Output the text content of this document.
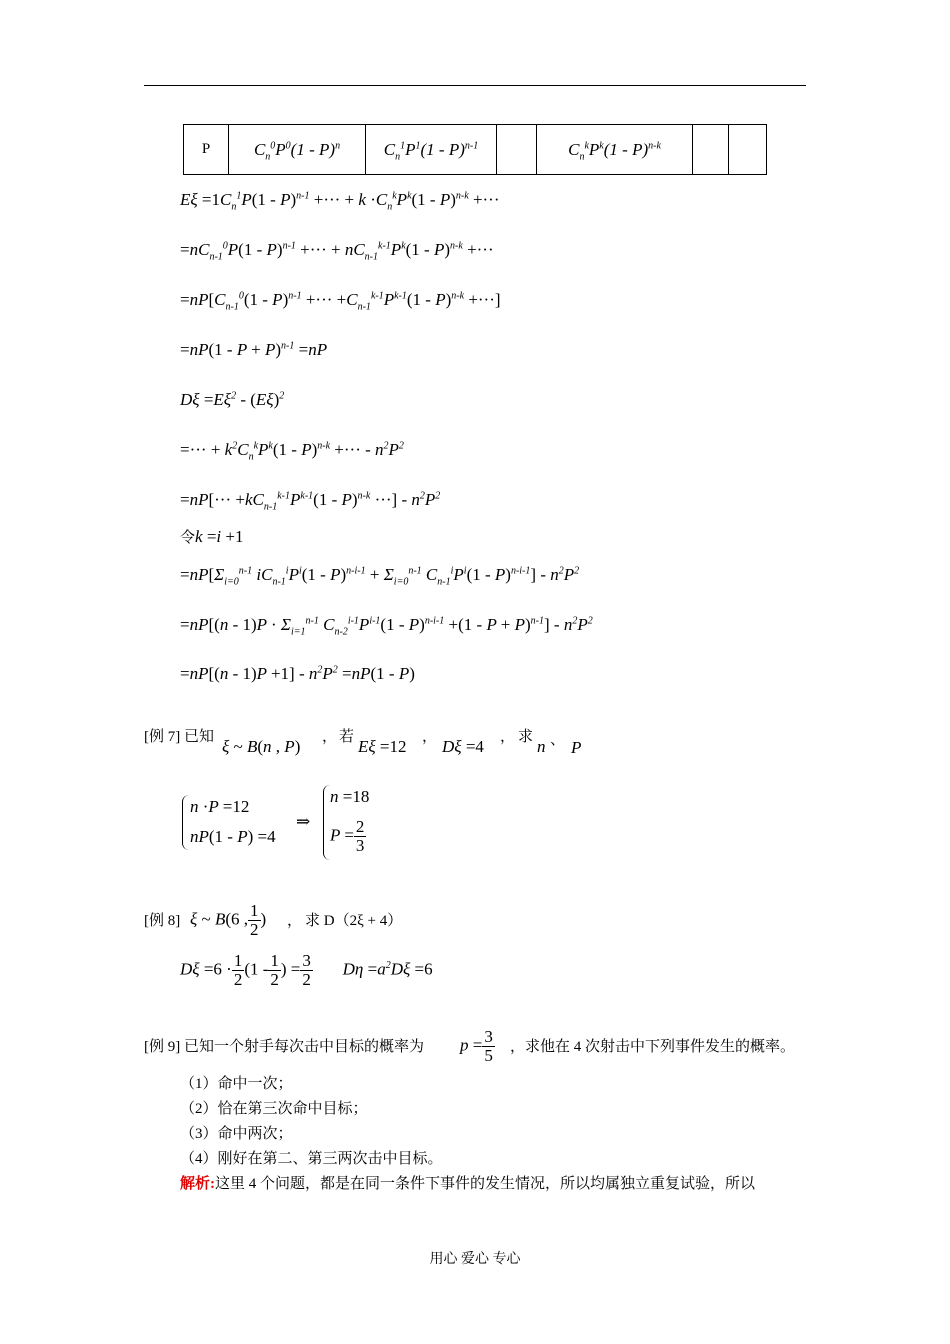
P	$C_n^0P^0(1 - P)^n$	$C_n^1P^1(1 - P)^{n-1}$		$C_n^kP^k(1 - P)^{n-k}$		
$E\xi =1C_n^1P(1 - P)^{n-1}$ +··· + $k \cdot C_n^kP^k(1 - P)^{n-k}$ +···
$=nC_{n-1}^0P(1 - P)^{n-1}$ +··· + $nC_{n-1}^{k-1}P^k(1 - P)^{n-k}$ +···
$=nP[C_{n-1}^0(1 - P)^{n-1}$ +··· $+C_{n-1}^{k-1}P^{k-1}(1 - P)^{n-k}$ +···]
$=nP(1 - P + P)^{n-1} =nP$
$D\xi =E\xi^2 - (E\xi)^2$
=··· + $k^2C_n^kP^k(1 - P)^{n-k}$ +··· - $n^2P^2$
$=nP[\cdot\cdot\cdot +kC_{n-1}^{k-1}P^{k-1}(1 - P)^{n-k}$ ···] - $n^2P^2$
令k =i +1
$=nP[\Sigma_{i=0}^{n-1}$ $iC_{n-1}^iP^i(1 - P)^{n-i-1} + \Sigma_{i=0}^{n-1}$ $C_{n-1}^iP^i(1 - P)^{n-i-1}] - n^2P^2$
$=nP[(n - 1)P \cdot \Sigma_{i=1}^{n-1}$ $C_{n-2}^{i-1}P^{i-1}(1 - P)^{n-i-1} +(1 - P + P)^{n-1}] - n^2P^2$
$=nP[(n - 1)P +1] - n^2P^2 =nP(1 - P)$
[例 7] 已知 ξ ~ B(n , P) ， 若 Eξ =12 ， Dξ =4 ， 求 n 、 P
n ·P =12
nP(1 - P) =4
⇒
n =18
$P = \frac{2}{3}$
[例 8] ξ ~ B(6 , $\frac{1}{2}$ ) ， 求 D（2ξ + 4）
$D\xi =6 \cdot \frac{1}{2} (1 - \frac{1}{2}$ ) = $\frac{3}{2}$ $D\eta =a^2D\xi =6$
[例 9] 已知一个射手每次击中目标的概率为 $p = \frac{3}{5}$ ，求他在 4 次射击中下列事件发生的概率。
（1）命中一次；
（2）恰在第三次命中目标；
（3）命中两次；
（4）刚好在第二、第三两次击中目标。
解析:这里 4 个问题，都是在同一条件下事件的发生情况，所以均属独立重复试验，所以
用心 爱心 专心
